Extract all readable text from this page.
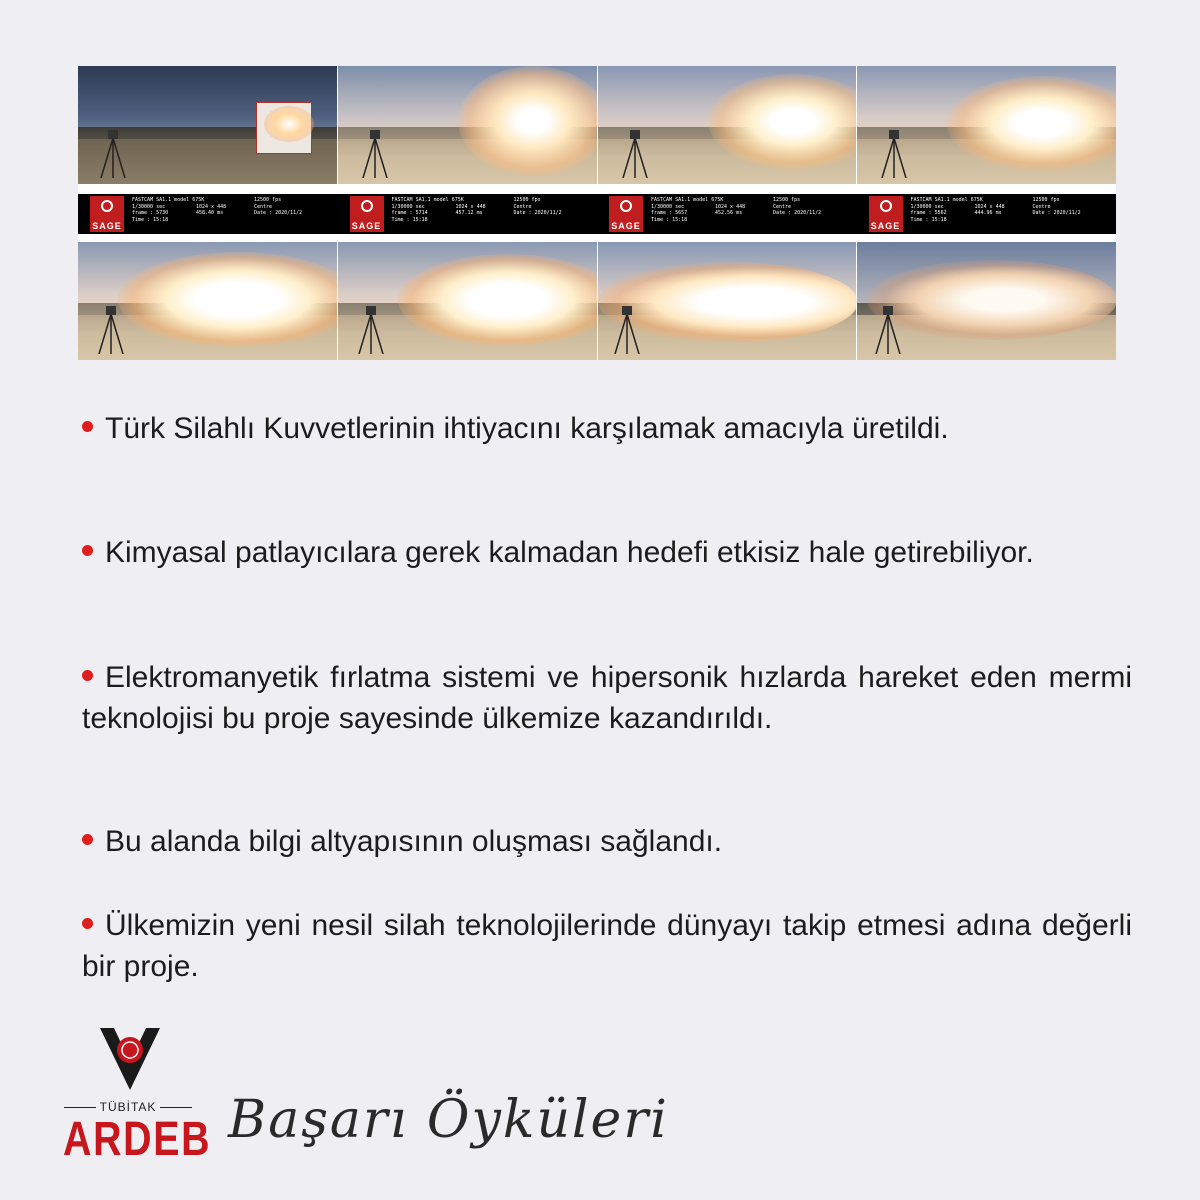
SAGE
FASTCAM SA1.1 model 675K
1/30000 sec
frame : 5730
Time : 15:18

1024 x 448
458.40 ms
12500 fps
Centre
Date : 2020/11/2
SAGE
FASTCAM SA1.1 model 675K
1/30000 sec
frame : 5714
Time : 15:18

1024 x 448
457.12 ms
12500 fps
Centre
Date : 2020/11/2
SAGE
FASTCAM SA1.1 model 675K
1/30000 sec
frame : 5657
Time : 15:18

1024 x 448
452.56 ms
12500 fps
Centre
Date : 2020/11/2
SAGE
FASTCAM SA1.1 model 675K
1/30000 sec
frame : 5562
Time : 15:18

1024 x 448
444.96 ms
12500 fps
Centre
Date : 2020/11/2

Türk Silahlı Kuvvetlerinin ihtiyacını karşılamak amacıyla üretildi.

Kimyasal patlayıcılara gerek kalmadan hedefi etkisiz hale getirebiliyor.

Elektromanyetik fırlatma sistemi ve hipersonik hızlarda hareket eden mermi teknolojisi bu proje sayesinde ülkemize kazandırıldı.

Bu alanda bilgi altyapısının oluşması sağlandı.

Ülkemizin yeni nesil silah teknolojilerinde dünyayı takip etmesi adına değerli bir proje.

TÜBİTAK
ARDEB Başarı Öyküleri
